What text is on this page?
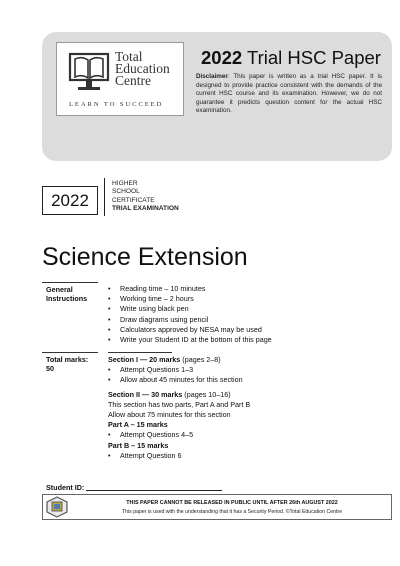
Total
Education
Centre
LEARN TO SUCCEED
2022 Trial HSC Paper
Disclaimer: This paper is written as a trial HSC paper. It is designed to provide practice consistent with the demands of the current HSC course and its examination. However, we do not guarantee it predicts question content for the actual HSC examination.
2022
HIGHER
SCHOOL
CERTIFICATE
TRIAL EXAMINATION
Science Extension
General Instructions
• Reading time – 10 minutes
• Working time – 2 hours
• Write using black pen
• Draw diagrams using pencil
• Calculators approved by NESA may be used
• Write your Student ID at the bottom of this page
Total marks:
50
Section I — 20 marks (pages 2–8)
• Attempt Questions 1–3
• Allow about 45 minutes for this section
Section II — 30 marks (pages 10–16)
This section has two parts, Part A and Part B
Allow about 75 minutes for this section
Part A – 15 marks
• Attempt Questions 4–5
Part B – 15 marks
• Attempt Question 6
Student ID:
THIS PAPER CANNOT BE RELEASED IN PUBLIC UNTIL AFTER 26th AUGUST 2022
This paper is used with the understanding that it has a Security Period. ©Total Education Centre
